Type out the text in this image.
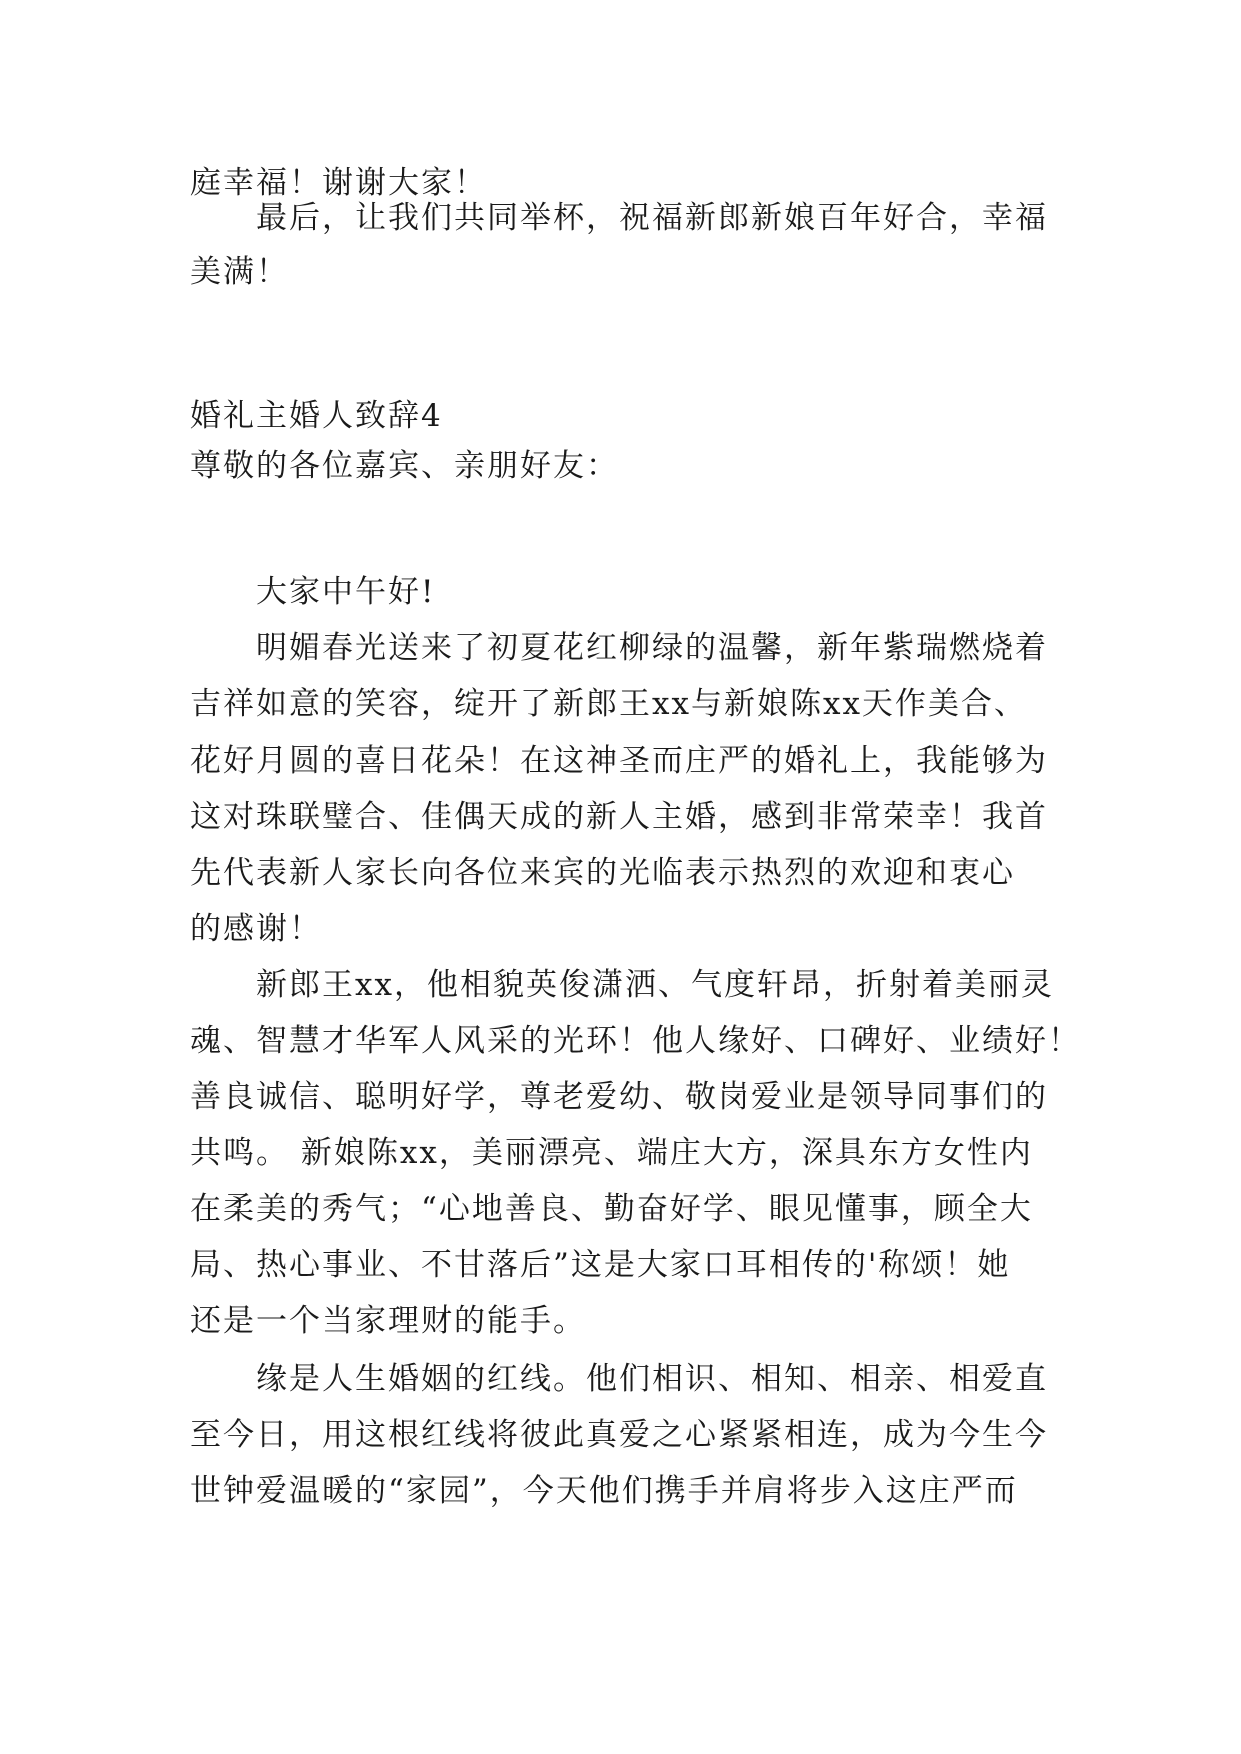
庭幸福！谢谢大家！
最后，让我们共同举杯，祝福新郎新娘百年好合，幸福
美满！
婚礼主婚人致辞4
尊敬的各位嘉宾、亲朋好友：
大家中午好!
明媚春光送来了初夏花红柳绿的温馨，新年紫瑞燃烧着
吉祥如意的笑容，绽开了新郎王xx与新娘陈xx天作美合、
花好月圆的喜日花朵！在这神圣而庄严的婚礼上，我能够为
这对珠联璧合、佳偶天成的新人主婚，感到非常荣幸！我首
先代表新人家长向各位来宾的光临表示热烈的欢迎和衷心
的感谢！
新郎王xx，他相貌英俊潇洒、气度轩昂，折射着美丽灵
魂、智慧才华军人风采的光环！他人缘好、口碑好、业绩好！
善良诚信、聪明好学，尊老爱幼、敬岗爱业是领导同事们的
共鸣。 新娘陈xx，美丽漂亮、端庄大方，深具东方女性内
在柔美的秀气；“心地善良、勤奋好学、眼见懂事，顾全大
局、热心事业、不甘落后”这是大家口耳相传的'称颂！她
还是一个当家理财的能手。
缘是人生婚姻的红线。他们相识、相知、相亲、相爱直
至今日，用这根红线将彼此真爱之心紧紧相连，成为今生今
世钟爱温暖的“家园”，今天他们携手并肩将步入这庄严而
